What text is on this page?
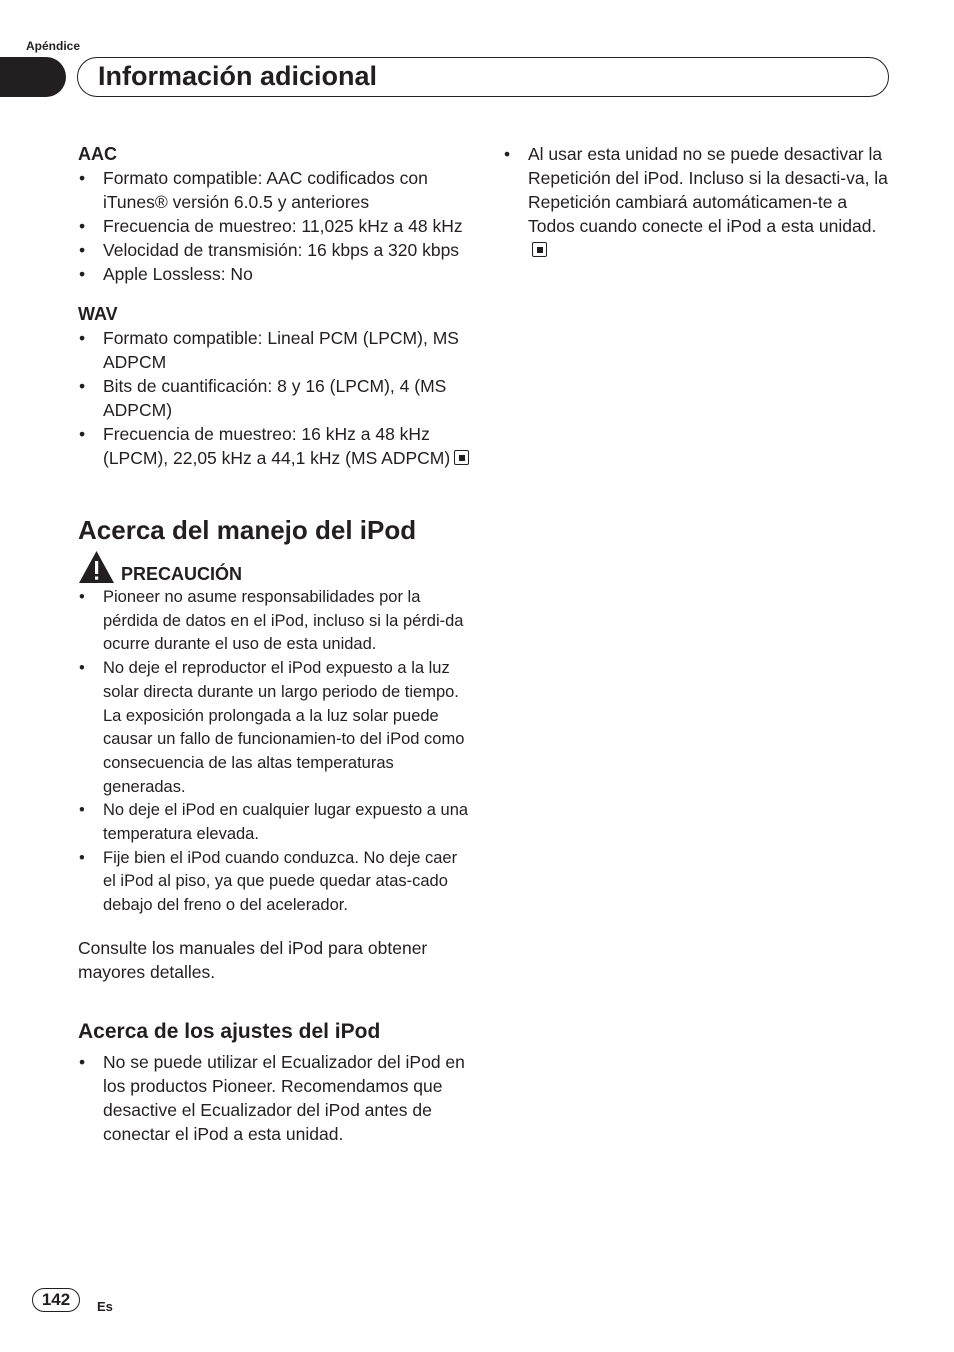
Apéndice
Información adicional

AAC

• Formato compatible: AAC codificados con iTunes® versión 6.0.5 y anteriores
• Frecuencia de muestreo: 11,025 kHz a 48 kHz
• Velocidad de transmisión: 16 kbps a 320 kbps
• Apple Lossless: No

WAV

• Formato compatible: Lineal PCM (LPCM), MS ADPCM
• Bits de cuantificación: 8 y 16 (LPCM), 4 (MS ADPCM)
• Frecuencia de muestreo: 16 kHz a 48 kHz (LPCM), 22,05 kHz a 44,1 kHz (MS ADPCM)
Acerca del manejo del iPod
PRECAUCIÓN
• Pioneer no asume responsabilidades por la pérdida de datos en el iPod, incluso si la pérdi-da ocurre durante el uso de esta unidad.
• No deje el reproductor el iPod expuesto a la luz solar directa durante un largo periodo de tiempo. La exposición prolongada a la luz solar puede causar un fallo de funcionamien-to del iPod como consecuencia de las altas temperaturas generadas.
• No deje el iPod en cualquier lugar expuesto a una temperatura elevada.
• Fije bien el iPod cuando conduzca. No deje caer el iPod al piso, ya que puede quedar atas-cado debajo del freno o del acelerador.

Consulte los manuales del iPod para obtener mayores detalles.

Acerca de los ajustes del iPod
• No se puede utilizar el Ecualizador del iPod en los productos Pioneer. Recomendamos que desactive el Ecualizador del iPod antes de conectar el iPod a esta unidad.
• Al usar esta unidad no se puede desactivar la Repetición del iPod. Incluso si la desacti-va, la Repetición cambiará automáticamen-te a Todos cuando conecte el iPod a esta unidad.
142	Es
